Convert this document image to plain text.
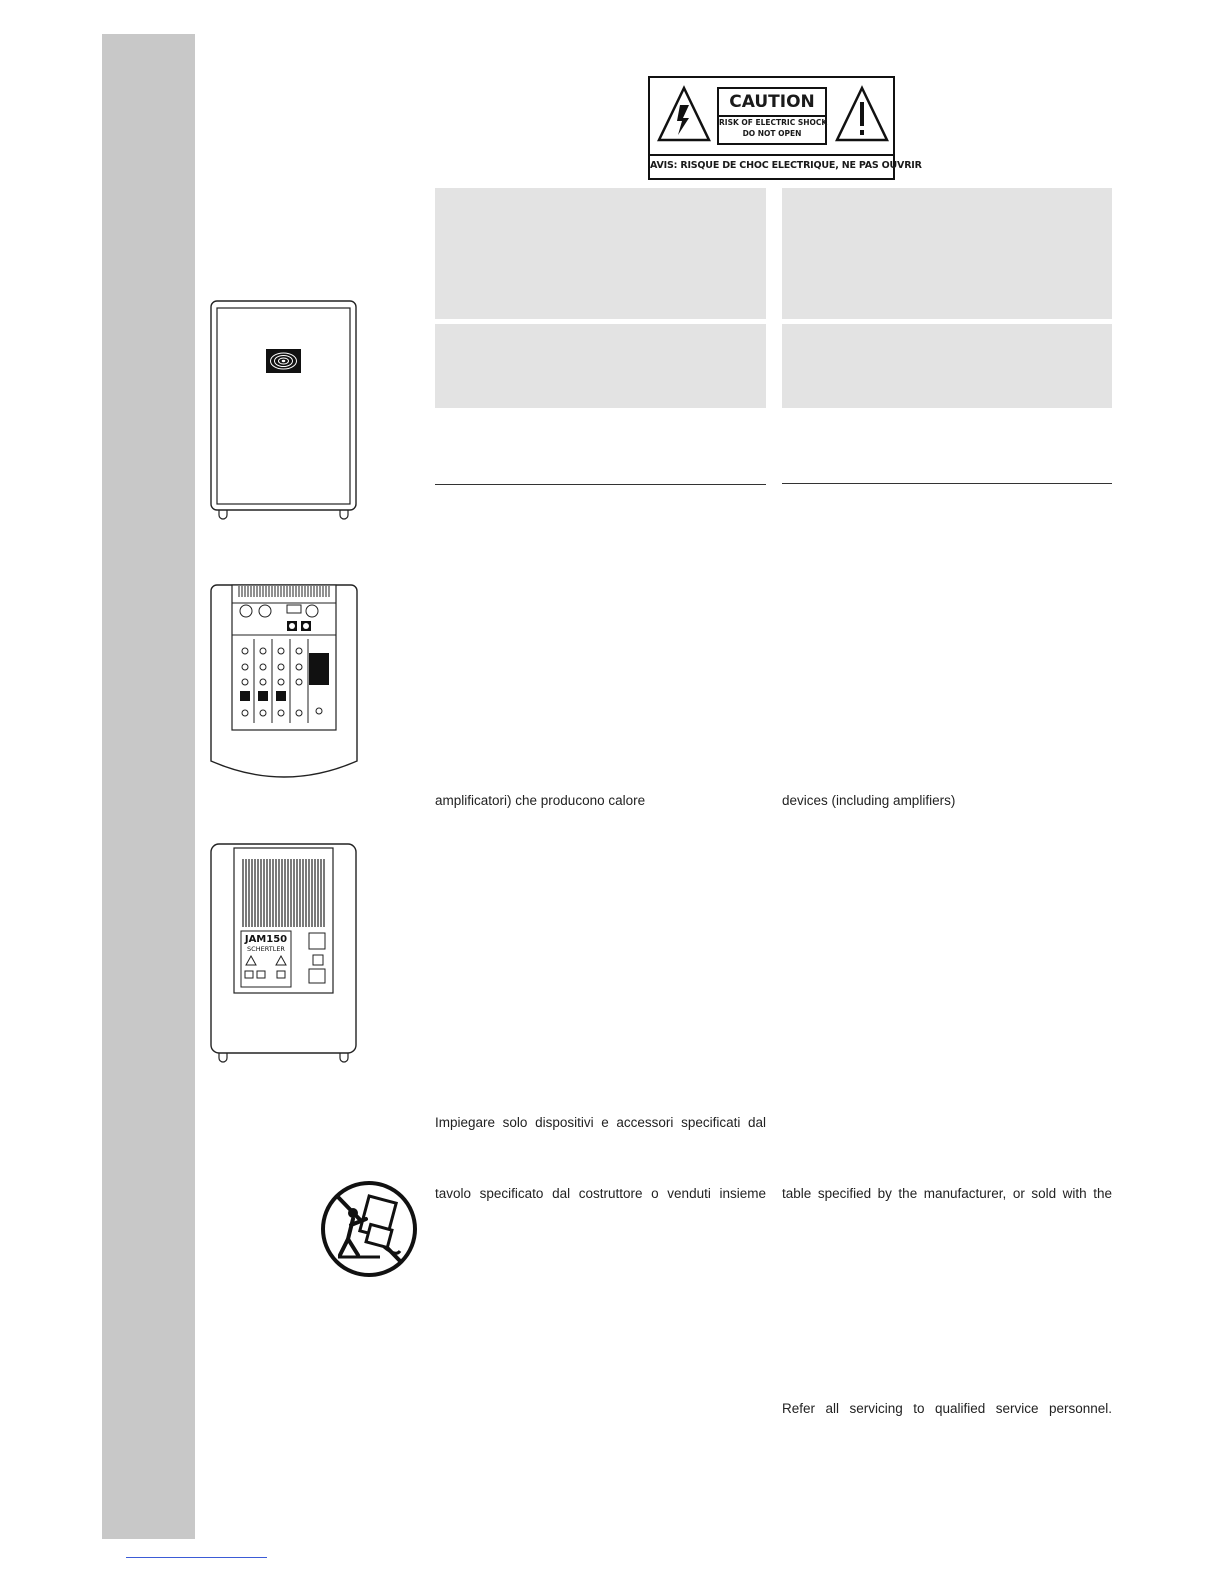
CAUTION
RISK OF ELECTRIC SHOCK
DO NOT OPEN
AVIS: RISQUE DE CHOC ELECTRIQUE, NE PAS OUVRIR
JAM150
SCHERTLER
amplificatori) che producono calore	devices (including amplifiers)
Impiegare solo dispositivi e accessori specificati dal
tavolo specificato dal costruttore o venduti insieme table specified by the manufacturer, or sold with the
Refer all servicing to qualified service personnel.
